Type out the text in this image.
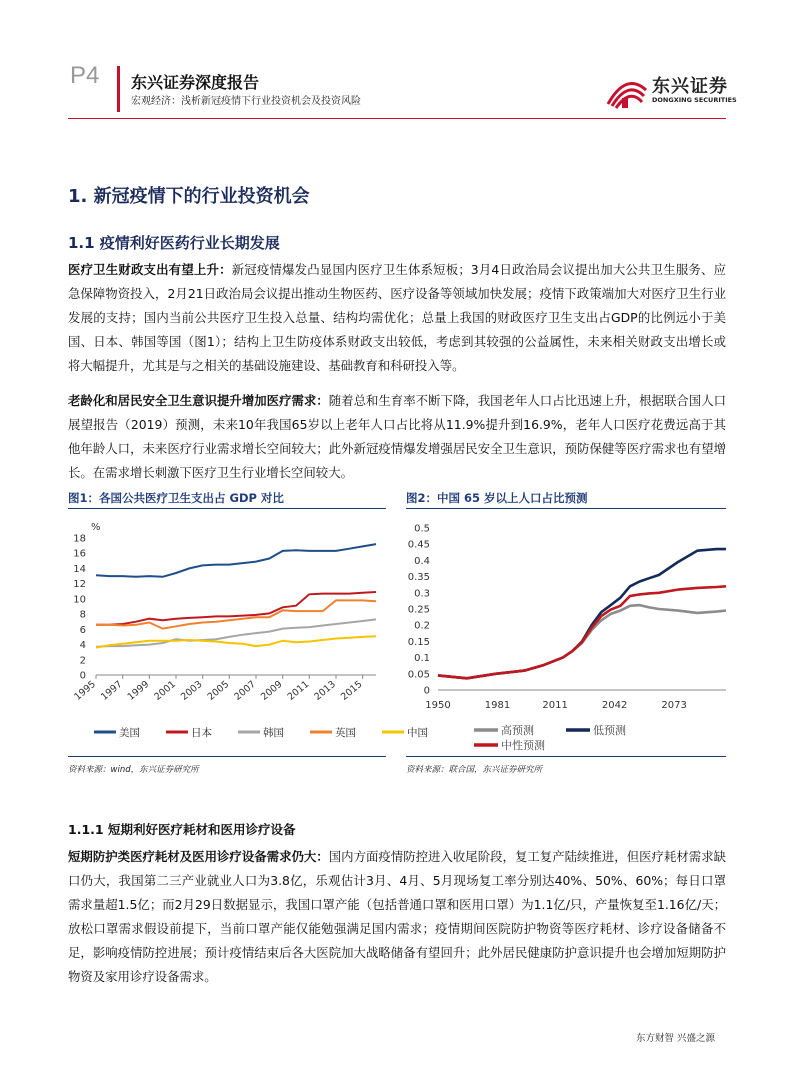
P4 东兴证券深度报告
宏观经济：浅析新冠疫情下行业投资机会及投资风险
东兴证券
DONGXING SECURITIES
1. 新冠疫情下的行业投资机会
1.1 疫情利好医药行业长期发展
医疗卫生财政支出有望上升：新冠疫情爆发凸显国内医疗卫生体系短板；3月4日政治局会议提出加大公共卫生服务、应急保障物资投入，2月21日政治局会议提出推动生物医药、医疗设备等领域加快发展；疫情下政策端加大对医疗卫生行业发展的支持；国内当前公共医疗卫生投入总量、结构均需优化；总量上我国的财政医疗卫生支出占GDP的比例远小于美国、日本、韩国等国（图1）；结构上卫生防疫体系财政支出较低，考虑到其较强的公益属性，未来相关财政支出增长或将大幅提升，尤其是与之相关的基础设施建设、基础教育和科研投入等。
老龄化和居民安全卫生意识提升增加医疗需求：随着总和生育率不断下降，我国老年人口占比迅速上升，根据联合国人口展望报告（2019）预测，未来10年我国65岁以上老年人口占比将从11.9%提升到16.9%，老年人口医疗花费远高于其他年龄人口，未来医疗行业需求增长空间较大；此外新冠疫情爆发增强居民安全卫生意识，预防保健等医疗需求也有望增长。在需求增长刺激下医疗卫生行业增长空间较大。
图1：各国公共医疗卫生支出占 GDP 对比
%
0
2
4
6
8
10
12
14
16
18
1995 1997 1999 2001 2003 2005 2007 2009 2011 2013 2015
美国	日本	韩国	英国	中国
资料来源：wind，东兴证券研究所
图2：中国 65 岁以上人口占比预测
0
0.05
0.1
0.15
0.2
0.25
0.3
0.35
0.4
0.45
0.5
1950	1981	2011	2042	2073
高预测	低预测
中性预测
资料来源：联合国，东兴证券研究所
1.1.1 短期利好医疗耗材和医用诊疗设备
短期防护类医疗耗材及医用诊疗设备需求仍大：国内方面疫情防控进入收尾阶段，复工复产陆续推进，但医疗耗材需求缺口仍大，我国第二三产业就业人口为3.8亿，乐观估计3月、4月、5月现场复工率分别达40%、50%、60%；每日口罩需求量超1.5亿；而2月29日数据显示，我国口罩产能（包括普通口罩和医用口罩）为1.1亿/只，产量恢复至1.16亿/天；放松口罩需求假设前提下，当前口罩产能仅能勉强满足国内需求；疫情期间医院防护物资等医疗耗材、诊疗设备储备不足，影响疫情防控进展；预计疫情结束后各大医院加大战略储备有望回升；此外居民健康防护意识提升也会增加短期防护物资及家用诊疗设备需求。
东方财智 兴盛之源
